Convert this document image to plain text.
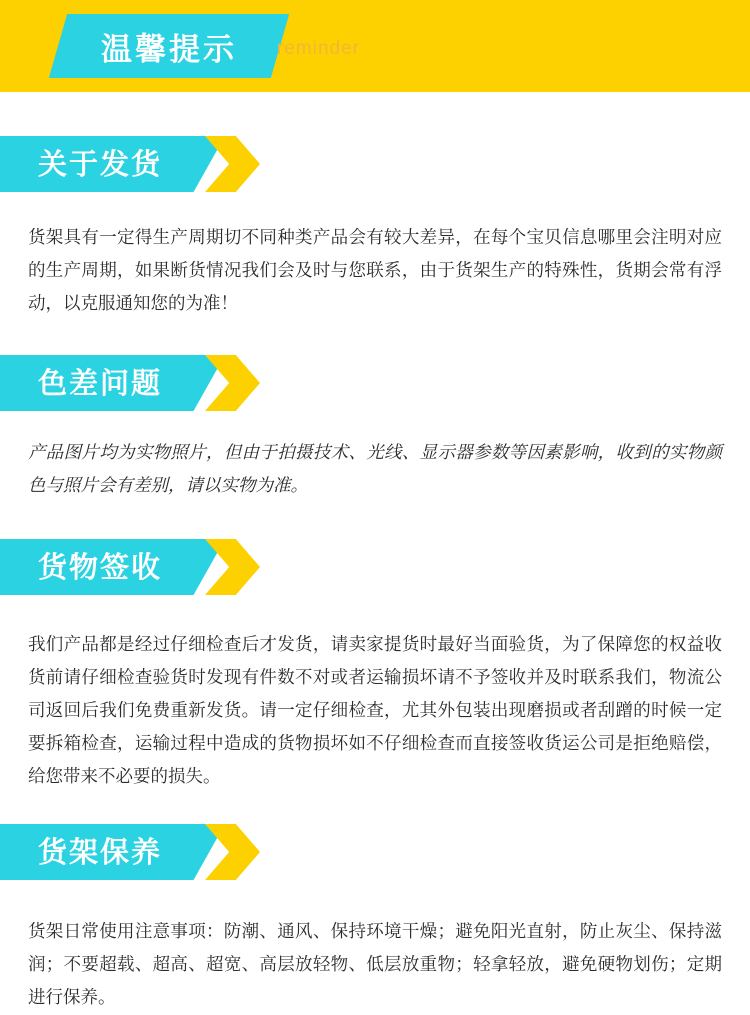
温馨提示 reminder
关于发货
货架具有一定得生产周期切不同种类产品会有较大差异，在每个宝贝信息哪里会注明对应的生产周期，如果断货情况我们会及时与您联系，由于货架生产的特殊性，货期会常有浮动，以克服通知您的为准！
色差问题
产品图片均为实物照片，但由于拍摄技术、光线、显示器参数等因素影响，收到的实物颜色与照片会有差别，请以实物为准。
货物签收
我们产品都是经过仔细检查后才发货，请卖家提货时最好当面验货，为了保障您的权益收货前请仔细检查验货时发现有件数不对或者运输损坏请不予签收并及时联系我们，物流公司返回后我们免费重新发货。请一定仔细检查，尤其外包装出现磨损或者刮蹭的时候一定要拆箱检查，运输过程中造成的货物损坏如不仔细检查而直接签收货运公司是拒绝赔偿，给您带来不必要的损失。
货架保养
货架日常使用注意事项：防潮、通风、保持环境干燥；避免阳光直射，防止灰尘、保持滋润；不要超载、超高、超宽、高层放轻物、低层放重物；轻拿轻放，避免硬物划伤；定期进行保养。
